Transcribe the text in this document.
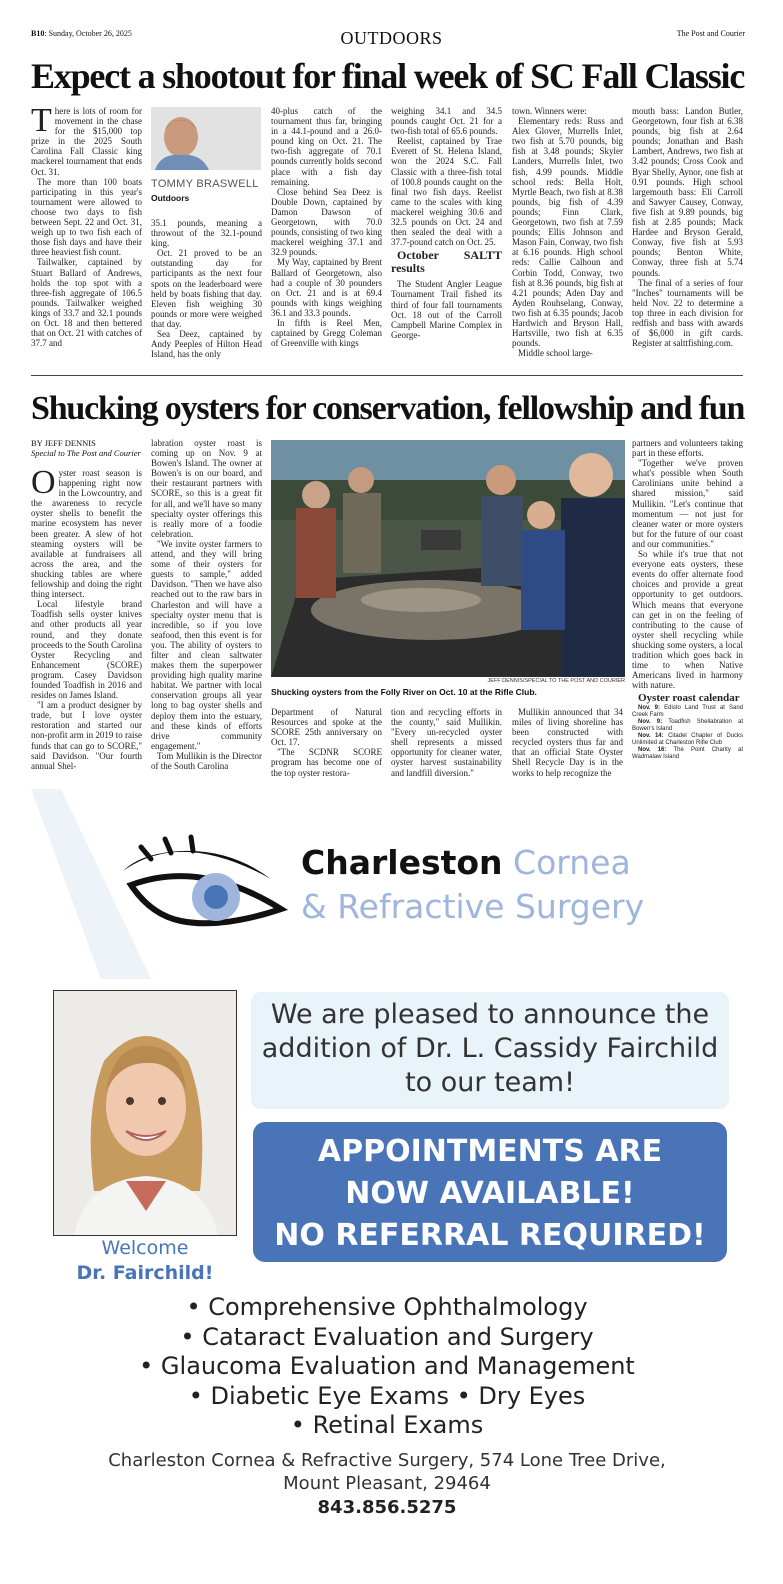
B10: Sunday, October 26, 2025	OUTDOORS	The Post and Courier
Expect a shootout for final week of SC Fall Classic

There is lots of room for movement in the chase for the $15,000 top prize in the 2025 South Carolina Fall Classic king mackerel tournament that ends Oct. 31.

The more than 100 boats participating in this year's tournament were allowed to choose two days to fish between Sept. 22 and Oct. 31, weigh up to two fish each of those fish days and have their three heaviest fish count.

Tailwalker, captained by Stuart Ballard of Andrews, holds the top spot with a three-fish aggregate of 106.5 pounds. Tailwalker weighed kings of 33.7 and 32.1 pounds on Oct. 18 and then bettered that on Oct. 21 with catches of 37.7 and

TOMMY BRASWELL
Outdoors

35.1 pounds, meaning a throwout of the 32.1-pound king.

Oct. 21 proved to be an outstanding day for participants as the next four spots on the leaderboard were held by boats fishing that day. Eleven fish weighing 30 pounds or more were weighed that day.

Sea Deez, captained by Andy Peeples of Hilton Head Island, has the only

40-plus catch of the tournament thus far, bringing in a 44.1-pound and a 26.0-pound king on Oct. 21. The two-fish aggregate of 70.1 pounds currently holds second place with a fish day remaining.

Close behind Sea Deez is Double Down, captained by Damon Dawson of Georgetown, with 70.0 pounds, consisting of two king mackerel weighing 37.1 and 32.9 pounds.

My Way, captained by Brent Ballard of Georgetown, also had a couple of 30 pounders on Oct. 21 and is at 69.4 pounds with kings weighing 36.1 and 33.3 pounds.

In fifth is Reel Men, captained by Gregg Coleman of Greenville with kings

weighing 34.1 and 34.5 pounds caught Oct. 21 for a two-fish total of 65.6 pounds.

Reelist, captained by Trae Everett of St. Helena Island, won the 2024 S.C. Fall Classic with a three-fish total of 100.8 pounds caught on the final two fish days. Reelist came to the scales with king mackerel weighing 30.6 and 32.5 pounds on Oct. 24 and then sealed the deal with a 37.7-pound catch on Oct. 25.

October SALTT results

The Student Angler League Tournament Trail fished its third of four fall tournaments Oct. 18 out of the Carroll Campbell Marine Complex in George-

town. Winners were:

Elementary reds: Russ and Alex Glover, Murrells Inlet, two fish at 5.70 pounds, big fish at 3.48 pounds; Skyler Landers, Murrells Inlet, two fish, 4.99 pounds. Middle school reds: Bella Holt, Myrtle Beach, two fish at 8.38 pounds, big fish of 4.39 pounds; Finn Clark, Georgetown, two fish at 7.59 pounds; Ellis Johnson and Mason Fain, Conway, two fish at 6.16 pounds. High school reds: Callie Calhoun and Corbin Todd, Conway, two fish at 8.36 pounds, big fish at 4.21 pounds; Aden Day and Ayden Rouhselang, Conway, two fish at 6.35 pounds; Jacob Hardwich and Bryson Hall, Hartsville, two fish at 6.35 pounds.

Middle school large-

mouth bass: Landon Butler, Georgetown, four fish at 6.38 pounds, big fish at 2.64 pounds; Jonathan and Bash Lambert, Andrews, two fish at 3.42 pounds; Cross Cook and Byar Shelly, Aynor, one fish at 0.91 pounds. High school largemouth bass: Eli Carroll and Sawyer Causey, Conway, five fish at 9.89 pounds, big fish at 2.85 pounds; Mack Hardee and Bryson Gerald, Conway, five fish at 5.93 pounds; Benton White, Conway, three fish at 5.74 pounds.

The final of a series of four "Inches" tournaments will be held Nov. 22 to determine a top three in each division for redfish and bass with awards of $6,000 in gift cards. Register at salttfishing.com.

Shucking oysters for conservation, fellowship and fun
BY JEFF DENNIS
Special to The Post and Courier

Oyster roast season is happening right now in the Lowcountry, and the awareness to recycle oyster shells to benefit the marine ecosystem has never been greater. A slew of hot steaming oysters will be available at fundraisers all across the area, and the shucking tables are where fellowship and doing the right thing intersect.

Local lifestyle brand Toadfish sells oyster knives and other products all year round, and they donate proceeds to the South Carolina Oyster Recycling and Enhancement (SCORE) program. Casey Davidson founded Toadfish in 2016 and resides on James Island.

"I am a product designer by trade, but I love oyster restoration and started our non-profit arm in 2019 to raise funds that can go to SCORE," said Davidson. "Our fourth annual Shel-

labration oyster roast is coming up on Nov. 9 at Bowen's Island. The owner at Bowen's is on our board, and their restaurant partners with SCORE, so this is a great fit for all, and we'll have so many specialty oyster offerings this is really more of a foodie celebration.

"We invite oyster farmers to attend, and they will bring some of their oysters for guests to sample," added Davidson. "Then we have also reached out to the raw bars in Charleston and will have a specialty oyster menu that is incredible, so if you love seafood, then this event is for you. The ability of oysters to filter and clean saltwater makes them the superpower providing high quality marine habitat. We partner with local conservation groups all year long to bag oyster shells and deploy them into the estuary, and these kinds of efforts drive community engagement."

Tom Mullikin is the Director of the South Carolina

JEFF DENNIS/SPECIAL TO THE POST AND COURIER
Shucking oysters from the Folly River on Oct. 10 at the Rifle Club.

Department of Natural Resources and spoke at the SCORE 25th anniversary on Oct. 17.

"The SCDNR SCORE program has become one of the top oyster restora-

tion and recycling efforts in the county," said Mullikin. "Every un-recycled oyster shell represents a missed opportunity for cleaner water, oyster harvest sustainability and landfill diversion."

Mullikin announced that 34 miles of living shoreline has been constructed with recycled oysters thus far and that an official State Oyster Shell Recycle Day is in the works to help recognize the

partners and volunteers taking part in these efforts.

"Together we've proven what's possible when South Carolinians unite behind a shared mission," said Mullikin. "Let's continue that momentum — not just for cleaner water or more oysters but for the future of our coast and our communities."

So while it's true that not everyone eats oysters, these events do offer alternate food choices and provide a great opportunity to get outdoors. Which means that everyone can get in on the feeling of contributing to the cause of oyster shell recycling while shucking some oysters, a local tradition which goes back in time to when Native Americans lived in harmony with nature.

Oyster roast calendar

Nov. 9: Edisto Land Trust at Sand Creek Farm

Nov. 9: Toadfish Shellabration at Bowen's Island

Nov. 14: Citadel Chapter of Ducks Unlimited at Charleston Rifle Club

Nov. 16: The Point Charity at Wadmalaw Island

Charleston Cornea
& Refractive Surgery
Welcome
Dr. Fairchild!
We are pleased to announce the addition of Dr. L. Cassidy Fairchild to our team!
APPOINTMENTS ARE
NOW AVAILABLE!
NO REFERRAL REQUIRED!
• Comprehensive Ophthalmology
• Cataract Evaluation and Surgery
• Glaucoma Evaluation and Management
• Diabetic Eye Exams • Dry Eyes
• Retinal Exams
Charleston Cornea & Refractive Surgery, 574 Lone Tree Drive,
Mount Pleasant, 29464
843.856.5275
